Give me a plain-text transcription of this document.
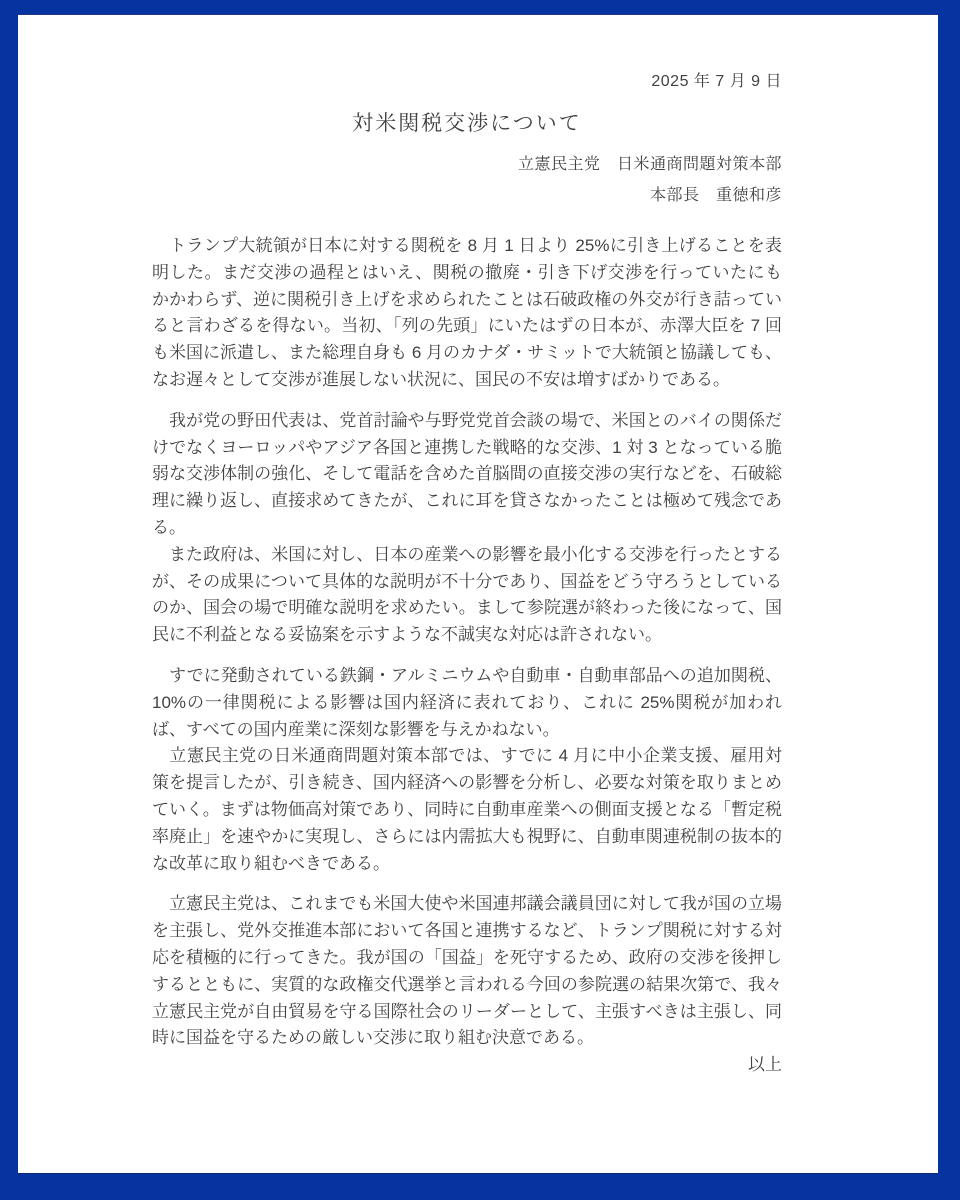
2025 年 7 月 9 日
対米関税交渉について
立憲民主党　日米通商問題対策本部
本部長　重徳和彦

　トランプ大統領が日本に対する関税を 8 月 1 日より 25%に引き上げることを表明した。まだ交渉の過程とはいえ、関税の撤廃・引き下げ交渉を行っていたにもかかわらず、逆に関税引き上げを求められたことは石破政権の外交が行き詰っていると言わざるを得ない。当初、「列の先頭」にいたはずの日本が、赤澤大臣を 7 回も米国に派遣し、また総理自身も 6 月のカナダ・サミットで大統領と協議しても、なお遅々として交渉が進展しない状況に、国民の不安は増すばかりである。

　我が党の野田代表は、党首討論や与野党党首会談の場で、米国とのバイの関係だけでなくヨーロッパやアジア各国と連携した戦略的な交渉、1 対 3 となっている脆弱な交渉体制の強化、そして電話を含めた首脳間の直接交渉の実行などを、石破総理に繰り返し、直接求めてきたが、これに耳を貸さなかったことは極めて残念である。

　また政府は、米国に対し、日本の産業への影響を最小化する交渉を行ったとするが、その成果について具体的な説明が不十分であり、国益をどう守ろうとしているのか、国会の場で明確な説明を求めたい。まして参院選が終わった後になって、国民に不利益となる妥協案を示すような不誠実な対応は許されない。

　すでに発動されている鉄鋼・アルミニウムや自動車・自動車部品への追加関税、10%の一律関税による影響は国内経済に表れており、これに 25%関税が加われば、すべての国内産業に深刻な影響を与えかねない。

　立憲民主党の日米通商問題対策本部では、すでに 4 月に中小企業支援、雇用対策を提言したが、引き続き、国内経済への影響を分析し、必要な対策を取りまとめていく。まずは物価高対策であり、同時に自動車産業への側面支援となる「暫定税率廃止」を速やかに実現し、さらには内需拡大も視野に、自動車関連税制の抜本的な改革に取り組むべきである。

　立憲民主党は、これまでも米国大使や米国連邦議会議員団に対して我が国の立場を主張し、党外交推進本部において各国と連携するなど、トランプ関税に対する対応を積極的に行ってきた。我が国の「国益」を死守するため、政府の交渉を後押しするとともに、実質的な政権交代選挙と言われる今回の参院選の結果次第で、我々立憲民主党が自由貿易を守る国際社会のリーダーとして、主張すべきは主張し、同時に国益を守るための厳しい交渉に取り組む決意である。

以上
